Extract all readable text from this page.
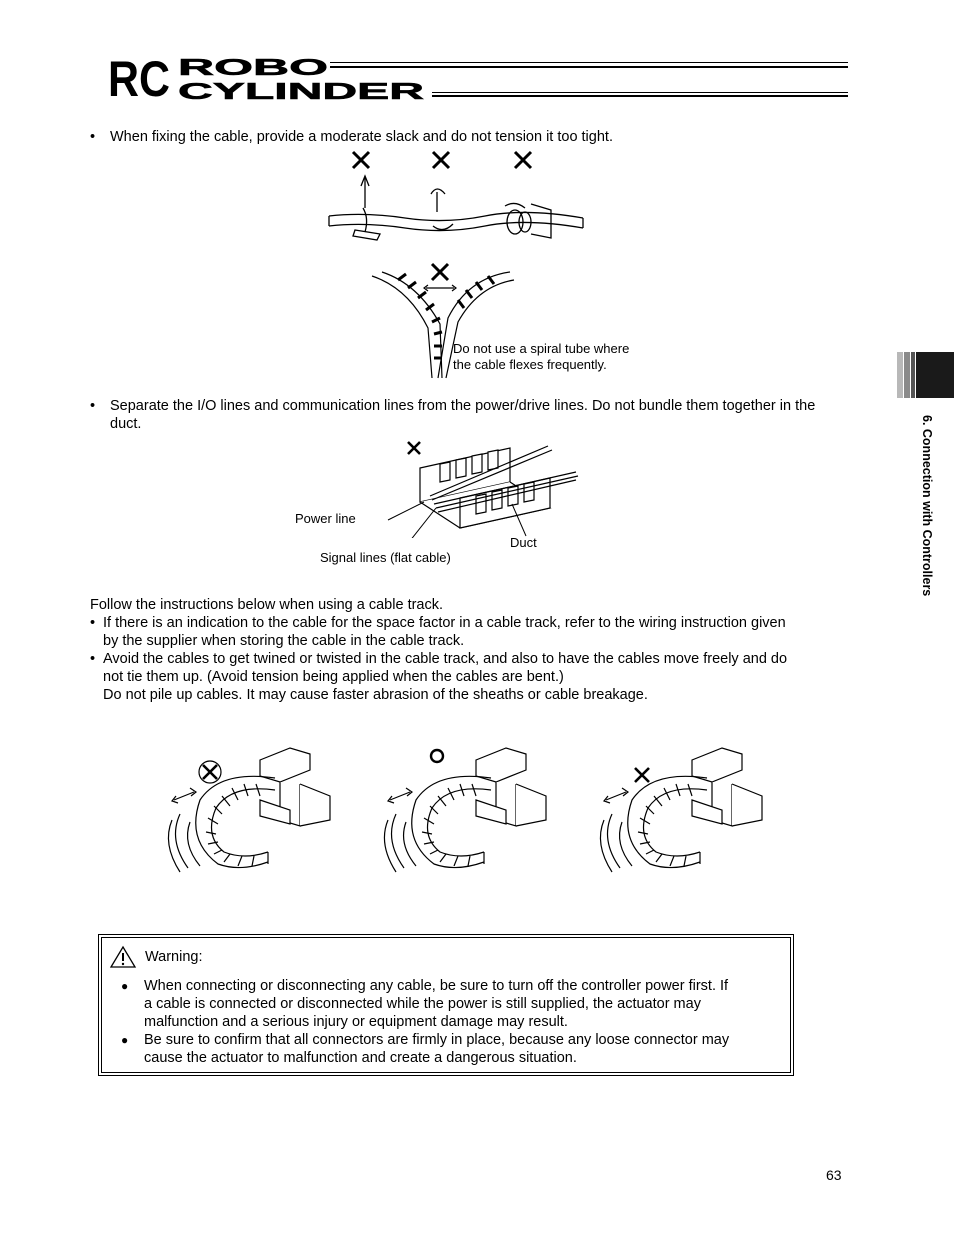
RC ROBO
CYLINDER
• When fixing the cable, provide a moderate slack and do not tension it too tight.
Do not use a spiral tube where
the cable flexes frequently.
• Separate the I/O lines and communication lines from the power/drive lines. Do not bundle them together in the duct.
Power line
Duct
Signal lines (flat cable)
Follow the instructions below when using a cable track.
• If there is an indication to the cable for the space factor in a cable track, refer to the wiring instruction given
by the supplier when storing the cable in the cable track.
• Avoid the cables to get twined or twisted in the cable track, and also to have the cables move freely and do
not tie them up. (Avoid tension being applied when the cables are bent.)
Do not pile up cables. It may cause faster abrasion of the sheaths or cable breakage.
Warning:
● When connecting or disconnecting any cable, be sure to turn off the controller power first. If
a cable is connected or disconnected while the power is still supplied, the actuator may
malfunction and a serious injury or equipment damage may result.
● Be sure to confirm that all connectors are firmly in place, because any loose connector may
cause the actuator to malfunction and create a dangerous situation.
6. Connection with Controllers
63
